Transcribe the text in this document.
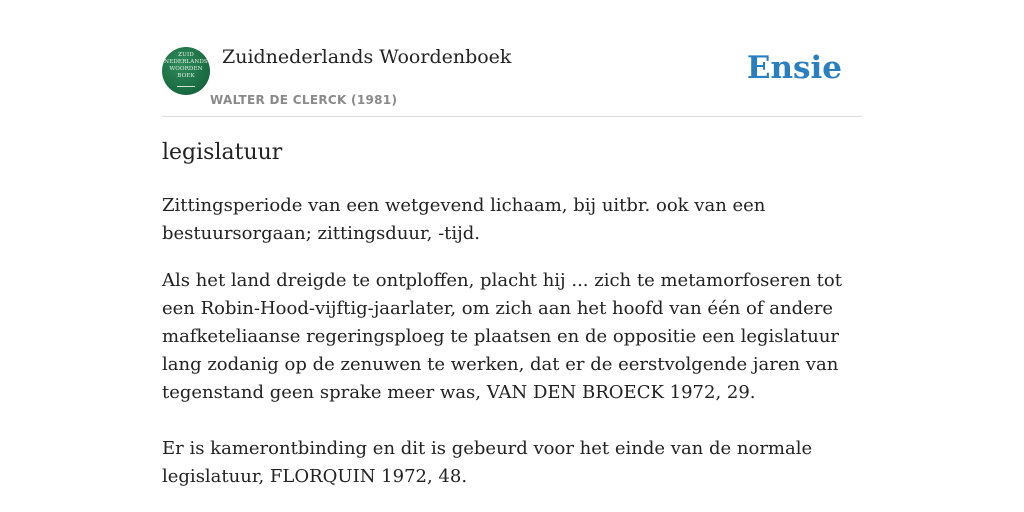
ZUID
NEDERLANDS
WOORDEN
BOEK
Zuidnederlands Woordenboek
WALTER DE CLERCK (1981)
Ensie
legislatuur
Zittingsperiode van een wetgevend lichaam, bij uitbr. ook van een bestuursorgaan; zittingsduur, -tijd.
Als het land dreigde te ontploffen, placht hij ... zich te metamorfoseren tot een Robin-Hood-vijftig-jaarlater, om zich aan het hoofd van één of andere mafketeliaanse regeringsploeg te plaatsen en de oppositie een legislatuur lang zodanig op de zenuwen te werken, dat er de eerstvolgende jaren van tegenstand geen sprake meer was, VAN DEN BROECK 1972, 29.
Er is kamerontbinding en dit is gebeurd voor het einde van de normale legislatuur, FLORQUIN 1972, 48.
